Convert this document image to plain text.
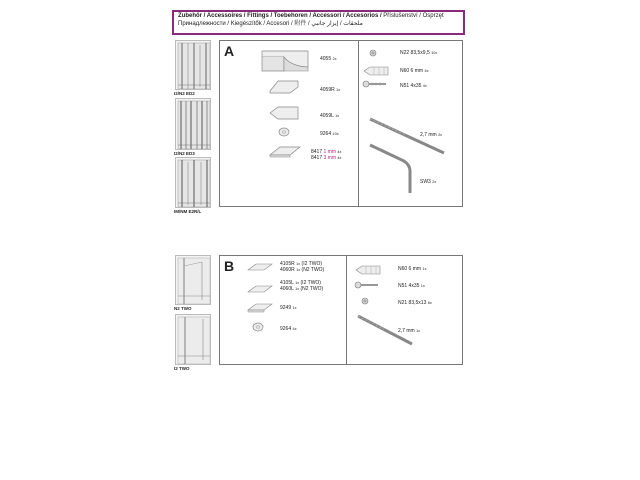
Zubehör / Accessoires / Fittings / Toebehoren / Accessori / Accesorios / Příslušenství / Osprzęt
Принадлежности / Kiegészítők / Accesori / 附件 / ملحقات / إيزار جانبي
I2/N2 ED2
I2/N2 ED3
IM/NM E2R/L
N2 TWO
I2 TWO
A	4055 2x
4059R 1x
4059L 1x
9264 10x
8417 1 mm 4x
8417 3 mm 4x
N22 83,5x9,5 10x
N60 6 mm 4x
N51 4x35 4x
2,7 mm 2x
SW3 2x
B	4105R 1x (I2 TWO)
4060R 1x (N2 TWO)
4105L 1x (I2 TWO)
4060L 1x (N2 TWO)
9249 1x
9264 4x
N60 6 mm 1x
N51 4x35 1x
N21 83,5x13 6x
2,7 mm 1x
